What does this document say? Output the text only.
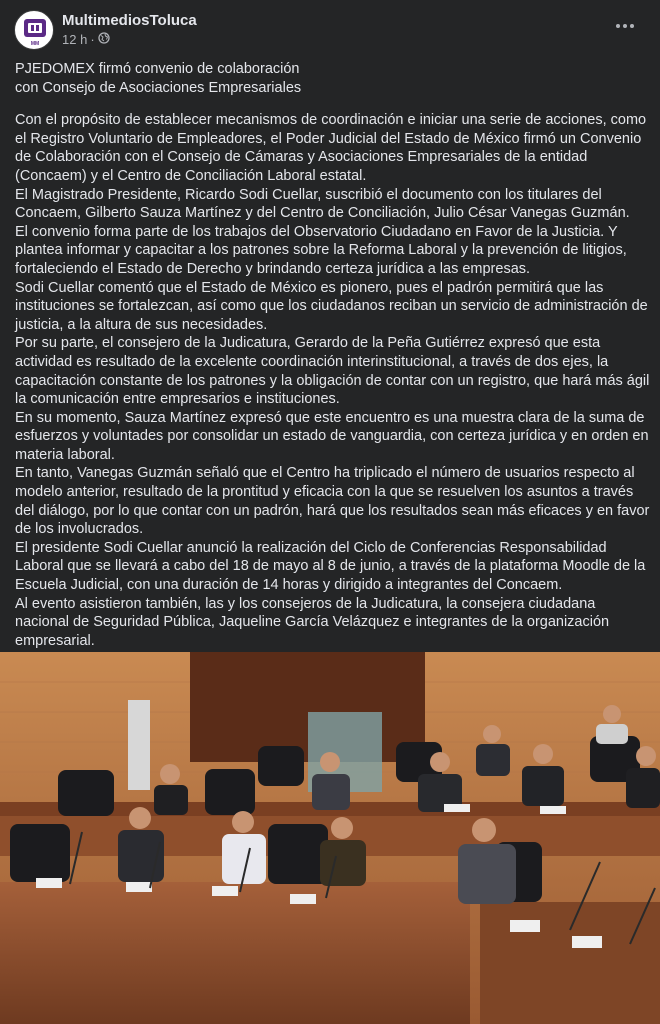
MM
MultimediosToluca
12 h ·
PJEDOMEX firmó convenio de colaboración
con Consejo de Asociaciones Empresariales

Con el propósito de establecer mecanismos de coordinación e iniciar una serie de acciones, como el Registro Voluntario de Empleadores, el Poder Judicial del Estado de México firmó un Convenio de Colaboración con el Consejo de Cámaras y Asociaciones Empresariales de la entidad (Concaem) y el Centro de Conciliación Laboral estatal.

El Magistrado Presidente, Ricardo Sodi Cuellar, suscribió el documento con los titulares del Concaem, Gilberto Sauza Martínez y del Centro de Conciliación, Julio César Vanegas Guzmán.

El convenio forma parte de los trabajos del Observatorio Ciudadano en Favor de la Justicia. Y plantea informar y capacitar a los patrones sobre la Reforma Laboral y la prevención de litigios, fortaleciendo el Estado de Derecho y brindando certeza jurídica a las empresas.

Sodi Cuellar comentó que el Estado de México es pionero, pues el padrón permitirá que las instituciones se fortalezcan, así como que los ciudadanos reciban un servicio de administración de justicia, a la altura de sus necesidades.

Por su parte, el consejero de la Judicatura, Gerardo de la Peña Gutiérrez expresó que esta actividad es resultado de la excelente coordinación interinstitucional, a través de dos ejes, la capacitación constante de los patrones y la obligación de contar con un registro, que hará más ágil la comunicación entre empresarios e instituciones.

En su momento, Sauza Martínez expresó que este encuentro es una muestra clara de la suma de esfuerzos y voluntades por consolidar un estado de vanguardia, con certeza jurídica y en orden en materia laboral.

En tanto, Vanegas Guzmán señaló que el Centro ha triplicado el número de usuarios respecto al modelo anterior, resultado de la prontitud y eficacia con la que se resuelven los asuntos a través del diálogo, por lo que contar con un padrón, hará que los resultados sean más eficaces y en favor de los involucrados.

El presidente Sodi Cuellar anunció la realización del Ciclo de Conferencias Responsabilidad Laboral que se llevará a cabo del 18 de mayo al 8 de junio, a través de la plataforma Moodle de la Escuela Judicial, con una duración de 14 horas y dirigido a integrantes del Concaem.

Al evento asistieron también, las y los consejeros de la Judicatura, la consejera ciudadana nacional de Seguridad Pública, Jaqueline García Velázquez e integrantes de la organización empresarial.
